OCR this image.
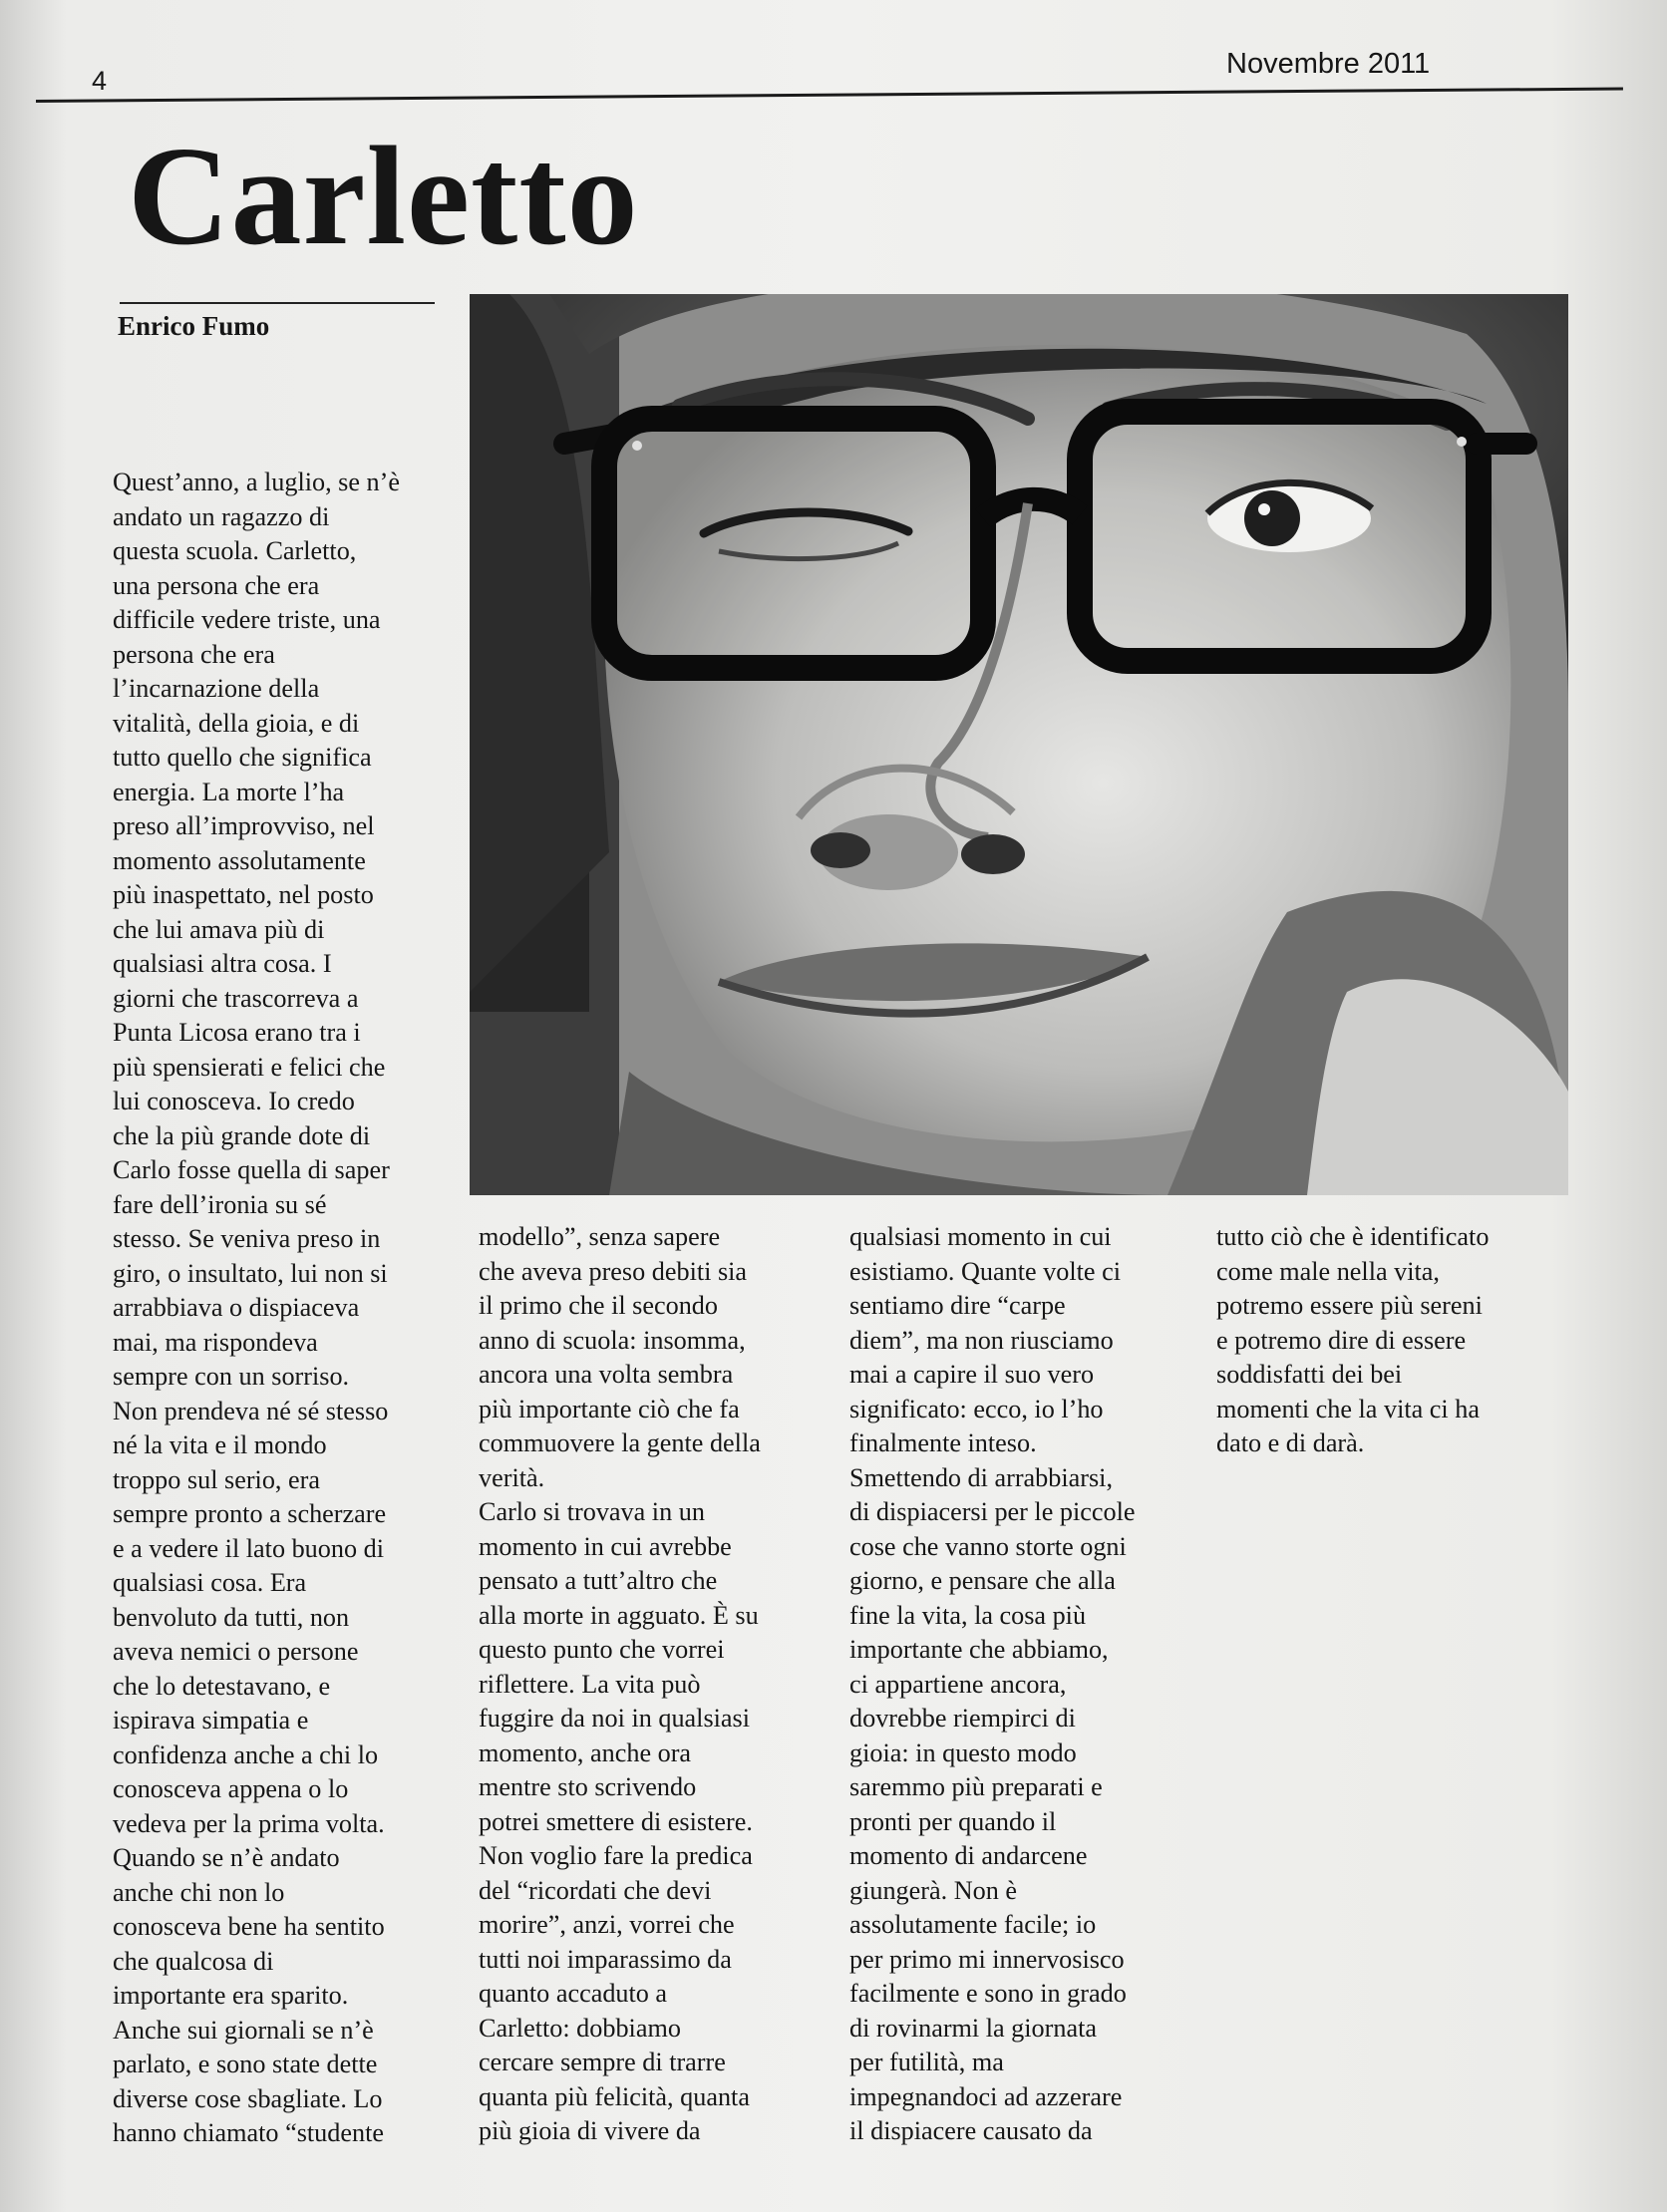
4
Novembre 2011
Carletto
Enrico Fumo
Quest’anno, a luglio, se n’è
andato un ragazzo di
questa scuola. Carletto,
una persona che era
difficile vedere triste, una
persona che era
l’incarnazione della
vitalità, della gioia, e di
tutto quello che significa
energia. La morte l’ha
preso all’improvviso, nel
momento assolutamente
più inaspettato, nel posto
che lui amava più di
qualsiasi altra cosa. I
giorni che trascorreva a
Punta Licosa erano tra i
più spensierati e felici che
lui conosceva. Io credo
che la più grande dote di
Carlo fosse quella di saper
fare dell’ironia su sé
stesso. Se veniva preso in
giro, o insultato, lui non si
arrabbiava o dispiaceva
mai, ma rispondeva
sempre con un sorriso.
Non prendeva né sé stesso
né la vita e il mondo
troppo sul serio, era
sempre pronto a scherzare
e a vedere il lato buono di
qualsiasi cosa. Era
benvoluto da tutti, non
aveva nemici o persone
che lo detestavano, e
ispirava simpatia e
confidenza anche a chi lo
conosceva appena o lo
vedeva per la prima volta.
Quando se n’è andato
anche chi non lo
conosceva bene ha sentito
che qualcosa di
importante era sparito.
Anche sui giornali se n’è
parlato, e sono state dette
diverse cose sbagliate. Lo
hanno chiamato “studente
modello”, senza sapere
che aveva preso debiti sia
il primo che il secondo
anno di scuola: insomma,
ancora una volta sembra
più importante ciò che fa
commuovere la gente della
verità.
Carlo si trovava in un
momento in cui avrebbe
pensato a tutt’altro che
alla morte in agguato. È su
questo punto che vorrei
riflettere. La vita può
fuggire da noi in qualsiasi
momento, anche ora
mentre sto scrivendo
potrei smettere di esistere.
Non voglio fare la predica
del “ricordati che devi
morire”, anzi, vorrei che
tutti noi imparassimo da
quanto accaduto a
Carletto: dobbiamo
cercare sempre di trarre
quanta più felicità, quanta
più gioia di vivere da
qualsiasi momento in cui
esistiamo. Quante volte ci
sentiamo dire “carpe
diem”, ma non riusciamo
mai a capire il suo vero
significato: ecco, io l’ho
finalmente inteso.
Smettendo di arrabbiarsi,
di dispiacersi per le piccole
cose che vanno storte ogni
giorno, e pensare che alla
fine la vita, la cosa più
importante che abbiamo,
ci appartiene ancora,
dovrebbe riempirci di
gioia: in questo modo
saremmo più preparati e
pronti per quando il
momento di andarcene
giungerà. Non è
assolutamente facile; io
per primo mi innervosisco
facilmente e sono in grado
di rovinarmi la giornata
per futilità, ma
impegnandoci ad azzerare
il dispiacere causato da
tutto ciò che è identificato
come male nella vita,
potremo essere più sereni
e potremo dire di essere
soddisfatti dei bei
momenti che la vita ci ha
dato e di darà.
